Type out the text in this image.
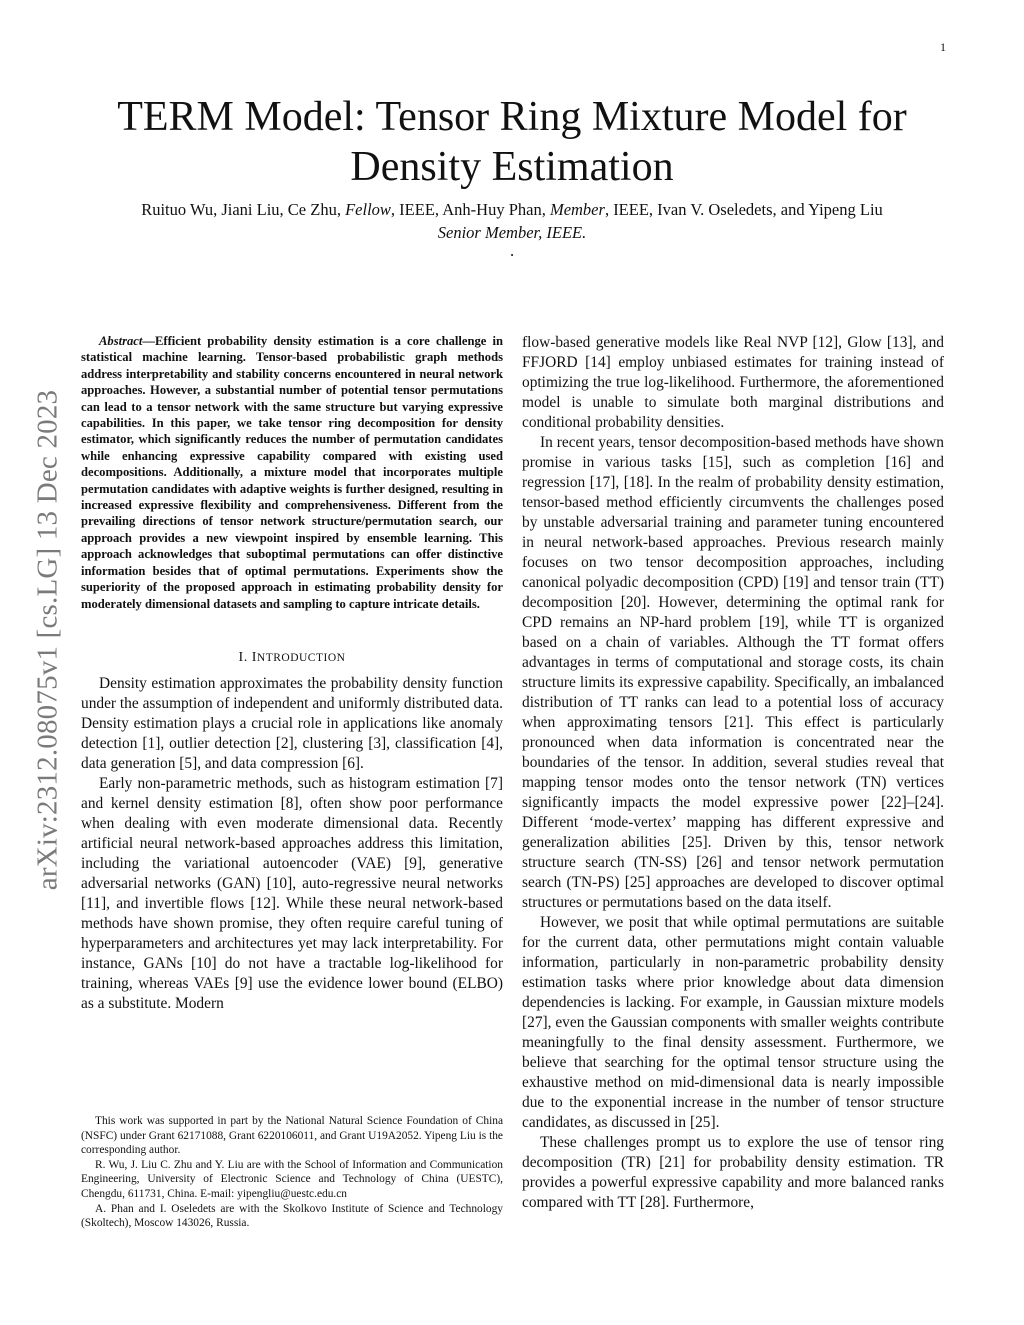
1
arXiv:2312.08075v1 [cs.LG] 13 Dec 2023
TERM Model: Tensor Ring Mixture Model for
Density Estimation
Ruituo Wu, Jiani Liu, Ce Zhu, Fellow, IEEE, Anh-Huy Phan, Member, IEEE, Ivan V. Oseledets, and Yipeng Liu
Senior Member, IEEE.
.

Abstract—Efficient probability density estimation is a core challenge in statistical machine learning. Tensor-based probabilistic graph methods address interpretability and stability concerns encountered in neural network approaches. However, a substantial number of potential tensor permutations can lead to a tensor network with the same structure but varying expressive capabilities. In this paper, we take tensor ring decomposition for density estimator, which significantly reduces the number of permutation candidates while enhancing expressive capability compared with existing used decompositions. Additionally, a mixture model that incorporates multiple permutation candidates with adaptive weights is further designed, resulting in increased expressive flexibility and comprehensiveness. Different from the prevailing directions of tensor network structure/permutation search, our approach provides a new viewpoint inspired by ensemble learning. This approach acknowledges that suboptimal permutations can offer distinctive information besides that of optimal permutations. Experiments show the superiority of the proposed approach in estimating probability density for moderately dimensional datasets and sampling to capture intricate details.

I. INTRODUCTION

Density estimation approximates the probability density function under the assumption of independent and uniformly distributed data. Density estimation plays a crucial role in applications like anomaly detection [1], outlier detection [2], clustering [3], classification [4], data generation [5], and data compression [6].

Early non-parametric methods, such as histogram estimation [7] and kernel density estimation [8], often show poor performance when dealing with even moderate dimensional data. Recently artificial neural network-based approaches address this limitation, including the variational autoencoder (VAE) [9], generative adversarial networks (GAN) [10], auto-regressive neural networks [11], and invertible flows [12]. While these neural network-based methods have shown promise, they often require careful tuning of hyperparameters and architectures yet may lack interpretability. For instance, GANs [10] do not have a tractable log-likelihood for training, whereas VAEs [9] use the evidence lower bound (ELBO) as a substitute. Modern

This work was supported in part by the National Natural Science Foundation of China (NSFC) under Grant 62171088, Grant 6220106011, and Grant U19A2052. Yipeng Liu is the corresponding author.

R. Wu, J. Liu C. Zhu and Y. Liu are with the School of Information and Communication Engineering, University of Electronic Science and Technology of China (UESTC), Chengdu, 611731, China. E-mail: yipengliu@uestc.edu.cn

A. Phan and I. Oseledets are with the Skolkovo Institute of Science and Technology (Skoltech), Moscow 143026, Russia.

flow-based generative models like Real NVP [12], Glow [13], and FFJORD [14] employ unbiased estimates for training instead of optimizing the true log-likelihood. Furthermore, the aforementioned model is unable to simulate both marginal distributions and conditional probability densities.

In recent years, tensor decomposition-based methods have shown promise in various tasks [15], such as completion [16] and regression [17], [18]. In the realm of probability density estimation, tensor-based method efficiently circumvents the challenges posed by unstable adversarial training and parameter tuning encountered in neural network-based approaches. Previous research mainly focuses on two tensor decomposition approaches, including canonical polyadic decomposition (CPD) [19] and tensor train (TT) decomposition [20]. However, determining the optimal rank for CPD remains an NP-hard problem [19], while TT is organized based on a chain of variables. Although the TT format offers advantages in terms of computational and storage costs, its chain structure limits its expressive capability. Specifically, an imbalanced distribution of TT ranks can lead to a potential loss of accuracy when approximating tensors [21]. This effect is particularly pronounced when data information is concentrated near the boundaries of the tensor. In addition, several studies reveal that mapping tensor modes onto the tensor network (TN) vertices significantly impacts the model expressive power [22]–[24]. Different ‘mode-vertex’ mapping has different expressive and generalization abilities [25]. Driven by this, tensor network structure search (TN-SS) [26] and tensor network permutation search (TN-PS) [25] approaches are developed to discover optimal structures or permutations based on the data itself.

However, we posit that while optimal permutations are suitable for the current data, other permutations might contain valuable information, particularly in non-parametric probability density estimation tasks where prior knowledge about data dimension dependencies is lacking. For example, in Gaussian mixture models [27], even the Gaussian components with smaller weights contribute meaningfully to the final density assessment. Furthermore, we believe that searching for the optimal tensor structure using the exhaustive method on mid-dimensional data is nearly impossible due to the exponential increase in the number of tensor structure candidates, as discussed in [25].

These challenges prompt us to explore the use of tensor ring decomposition (TR) [21] for probability density estimation. TR provides a powerful expressive capability and more balanced ranks compared with TT [28]. Furthermore,
